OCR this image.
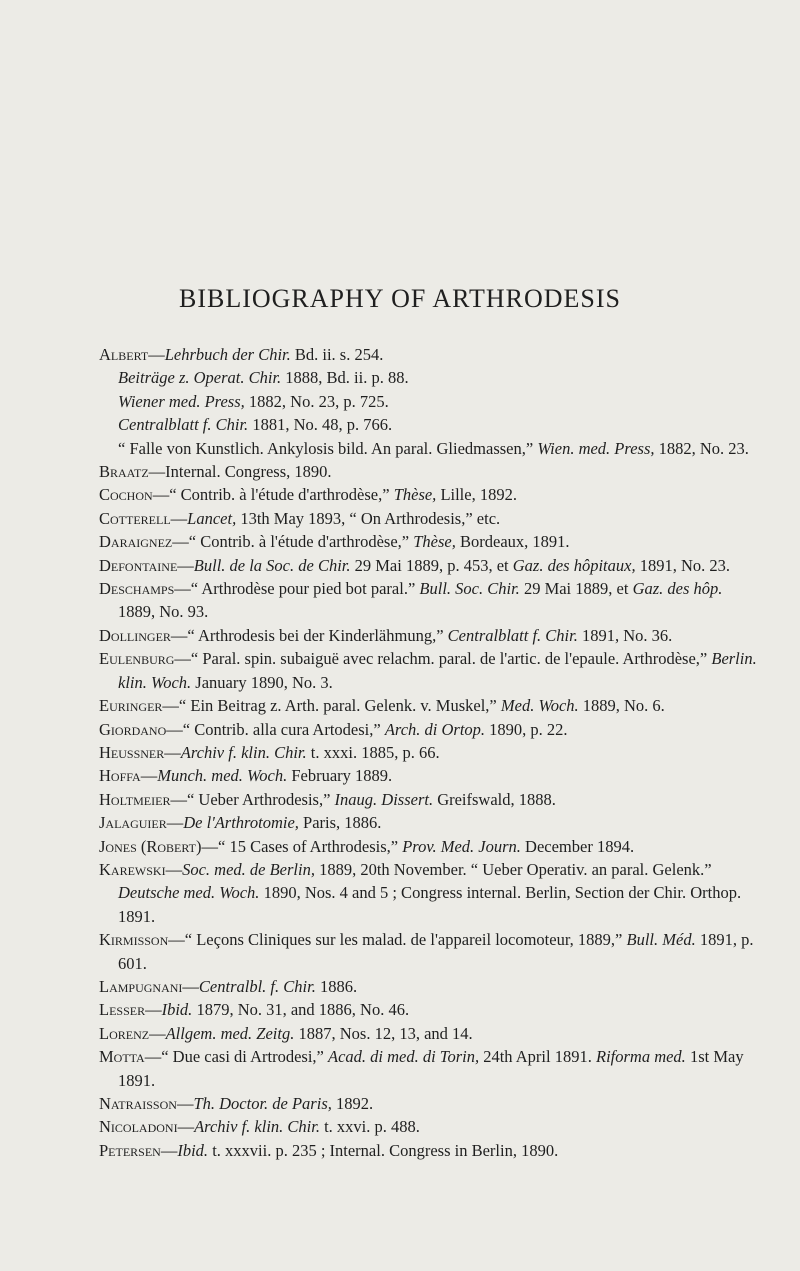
BIBLIOGRAPHY OF ARTHRODESIS
Albert—Lehrbuch der Chir. Bd. ii. s. 254.
Beiträge z. Operat. Chir. 1888, Bd. ii. p. 88.
Wiener med. Press, 1882, No. 23, p. 725.
Centralblatt f. Chir. 1881, No. 48, p. 766.
“ Falle von Kunstlich. Ankylosis bild. An paral. Gliedmassen,” Wien. med. Press, 1882, No. 23.
Braatz—Internal. Congress, 1890.
Cochon—“ Contrib. à l'étude d'arthrodèse,” Thèse, Lille, 1892.
Cotterell—Lancet, 13th May 1893, “ On Arthrodesis,” etc.
Daraignez—“ Contrib. à l'étude d'arthrodèse,” Thèse, Bordeaux, 1891.
Defontaine—Bull. de la Soc. de Chir. 29 Mai 1889, p. 453, et Gaz. des hôpitaux, 1891, No. 23.
Deschamps—“ Arthrodèse pour pied bot paral.” Bull. Soc. Chir. 29 Mai 1889, et Gaz. des hôp. 1889, No. 93.
Dollinger—“ Arthrodesis bei der Kinderlähmung,” Centralblatt f. Chir. 1891, No. 36.
Eulenburg—“ Paral. spin. subaiguë avec relachm. paral. de l'artic. de l'epaule. Arthrodèse,” Berlin. klin. Woch. January 1890, No. 3.
Euringer—“ Ein Beitrag z. Arth. paral. Gelenk. v. Muskel,” Med. Woch. 1889, No. 6.
Giordano—“ Contrib. alla cura Artodesi,” Arch. di Ortop. 1890, p. 22.
Heussner—Archiv f. klin. Chir. t. xxxi. 1885, p. 66.
Hoffa—Munch. med. Woch. February 1889.
Holtmeier—“ Ueber Arthrodesis,” Inaug. Dissert. Greifswald, 1888.
Jalaguier—De l'Arthrotomie, Paris, 1886.
Jones (Robert)—“ 15 Cases of Arthrodesis,” Prov. Med. Journ. December 1894.
Karewski—Soc. med. de Berlin, 1889, 20th November. “ Ueber Operativ. an paral. Gelenk.” Deutsche med. Woch. 1890, Nos. 4 and 5 ; Congress internal. Berlin, Section der Chir. Orthop. 1891.
Kirmisson—“ Leçons Cliniques sur les malad. de l'appareil locomoteur, 1889,” Bull. Méd. 1891, p. 601.
Lampugnani—Centralbl. f. Chir. 1886.
Lesser—Ibid. 1879, No. 31, and 1886, No. 46.
Lorenz—Allgem. med. Zeitg. 1887, Nos. 12, 13, and 14.
Motta—“ Due casi di Artrodesi,” Acad. di med. di Torin, 24th April 1891. Riforma med. 1st May 1891.
Natraisson—Th. Doctor. de Paris, 1892.
Nicoladoni—Archiv f. klin. Chir. t. xxvi. p. 488.
Petersen—Ibid. t. xxxvii. p. 235 ; Internal. Congress in Berlin, 1890.
